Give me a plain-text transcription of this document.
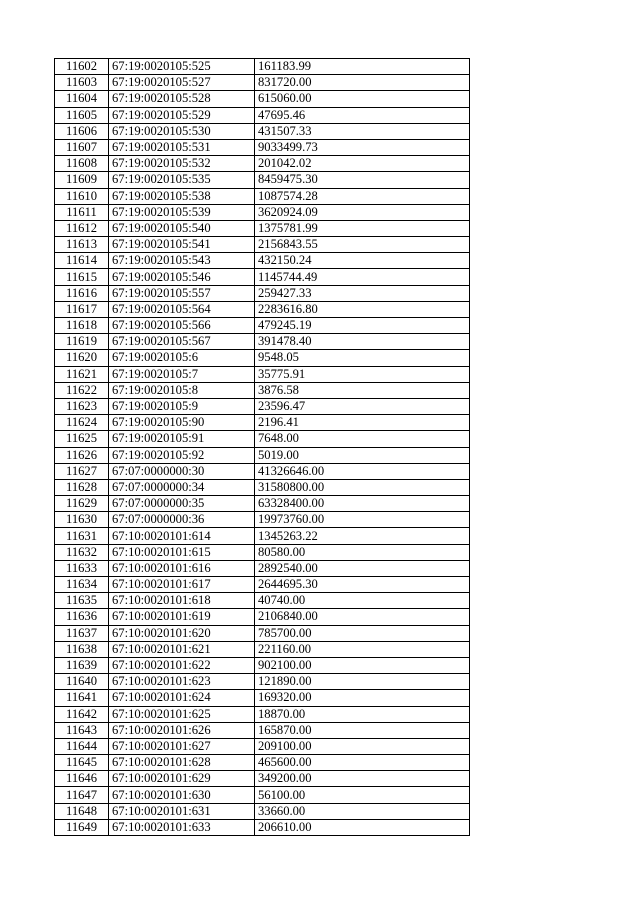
11602	67:19:0020105:525	161183.99
11603	67:19:0020105:527	831720.00
11604	67:19:0020105:528	615060.00
11605	67:19:0020105:529	47695.46
11606	67:19:0020105:530	431507.33
11607	67:19:0020105:531	9033499.73
11608	67:19:0020105:532	201042.02
11609	67:19:0020105:535	8459475.30
11610	67:19:0020105:538	1087574.28
11611	67:19:0020105:539	3620924.09
11612	67:19:0020105:540	1375781.99
11613	67:19:0020105:541	2156843.55
11614	67:19:0020105:543	432150.24
11615	67:19:0020105:546	1145744.49
11616	67:19:0020105:557	259427.33
11617	67:19:0020105:564	2283616.80
11618	67:19:0020105:566	479245.19
11619	67:19:0020105:567	391478.40
11620	67:19:0020105:6	9548.05
11621	67:19:0020105:7	35775.91
11622	67:19:0020105:8	3876.58
11623	67:19:0020105:9	23596.47
11624	67:19:0020105:90	2196.41
11625	67:19:0020105:91	7648.00
11626	67:19:0020105:92	5019.00
11627	67:07:0000000:30	41326646.00
11628	67:07:0000000:34	31580800.00
11629	67:07:0000000:35	63328400.00
11630	67:07:0000000:36	19973760.00
11631	67:10:0020101:614	1345263.22
11632	67:10:0020101:615	80580.00
11633	67:10:0020101:616	2892540.00
11634	67:10:0020101:617	2644695.30
11635	67:10:0020101:618	40740.00
11636	67:10:0020101:619	2106840.00
11637	67:10:0020101:620	785700.00
11638	67:10:0020101:621	221160.00
11639	67:10:0020101:622	902100.00
11640	67:10:0020101:623	121890.00
11641	67:10:0020101:624	169320.00
11642	67:10:0020101:625	18870.00
11643	67:10:0020101:626	165870.00
11644	67:10:0020101:627	209100.00
11645	67:10:0020101:628	465600.00
11646	67:10:0020101:629	349200.00
11647	67:10:0020101:630	56100.00
11648	67:10:0020101:631	33660.00
11649	67:10:0020101:633	206610.00
